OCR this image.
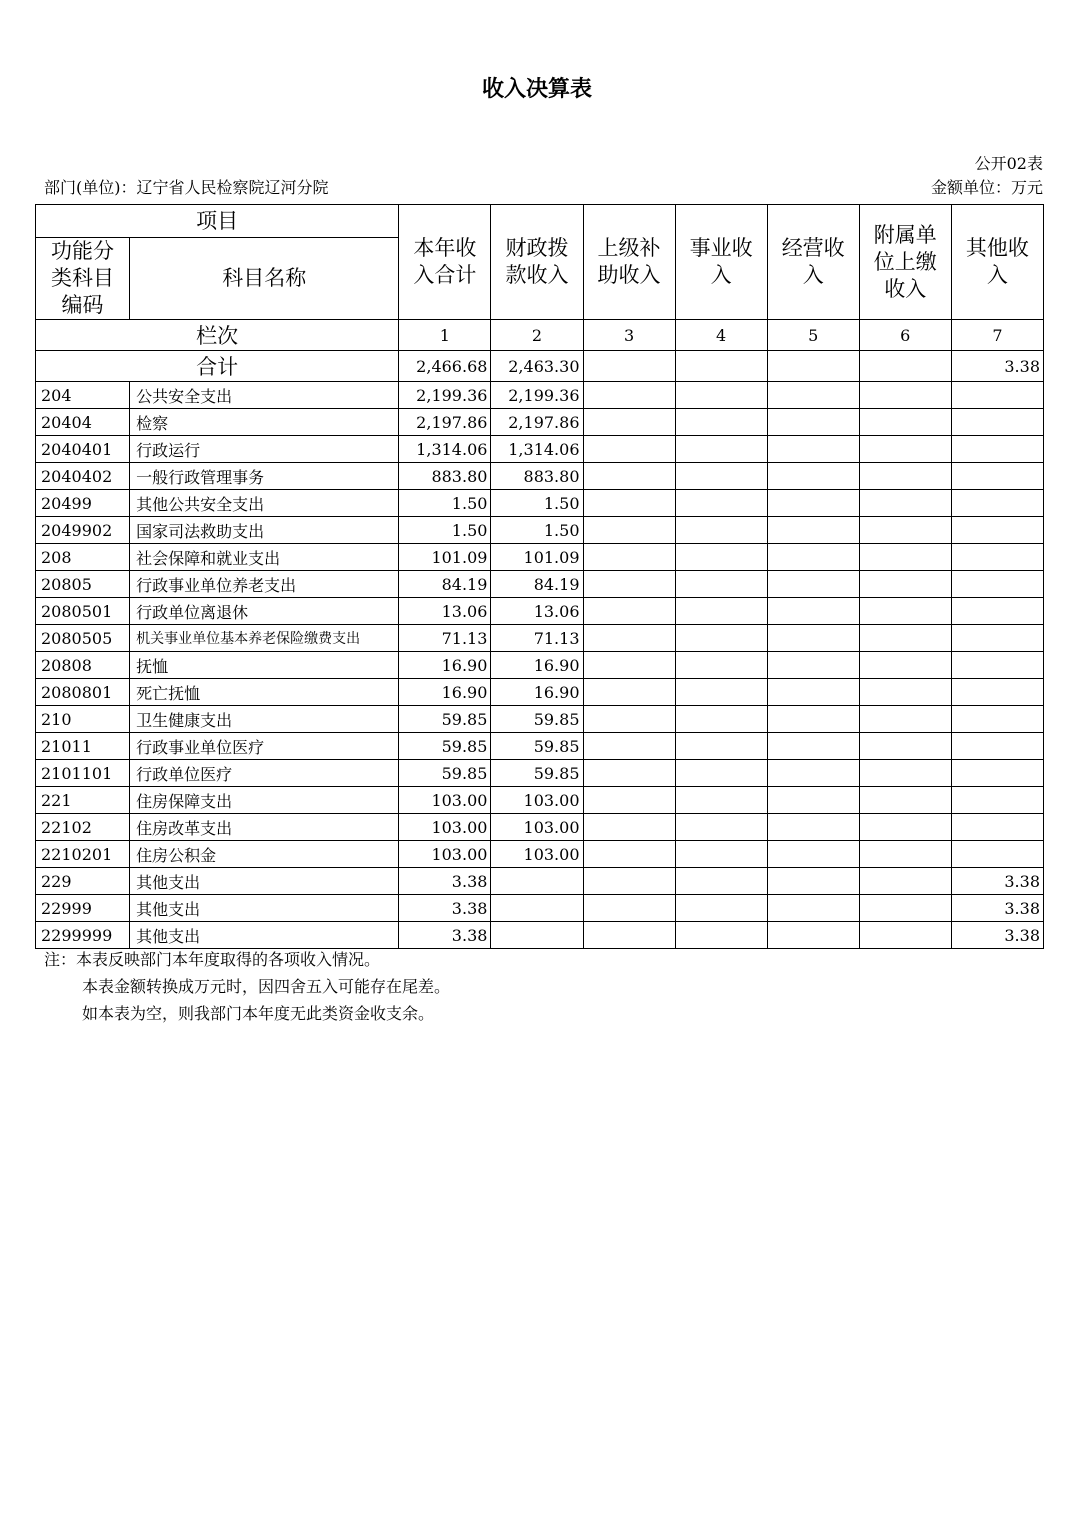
收入决算表
公开02表
部门(单位)：辽宁省人民检察院辽河分院	金额单位：万元
项目		本年收入合计	财政拨款收入	上级补助收入	事业收入	经营收入	附属单位上缴收入	其他收入
功能分类科目编码	科目名称							
栏次		1	2	3	4	5	6	7
合计		2,466.68	2,463.30					3.38
204	公共安全支出	2,199.36	2,199.36					
20404	检察	2,197.86	2,197.86					
2040401	行政运行	1,314.06	1,314.06					
2040402	一般行政管理事务	883.80	883.80					
20499	其他公共安全支出	1.50	1.50					
2049902	国家司法救助支出	1.50	1.50					
208	社会保障和就业支出	101.09	101.09					
20805	行政事业单位养老支出	84.19	84.19					
2080501	行政单位离退休	13.06	13.06					
2080505	机关事业单位基本养老保险缴费支出	71.13	71.13					
20808	抚恤	16.90	16.90					
2080801	死亡抚恤	16.90	16.90					
210	卫生健康支出	59.85	59.85					
21011	行政事业单位医疗	59.85	59.85					
2101101	行政单位医疗	59.85	59.85					
221	住房保障支出	103.00	103.00					
22102	住房改革支出	103.00	103.00					
2210201	住房公积金	103.00	103.00					
229	其他支出	3.38						3.38
22999	其他支出	3.38						3.38
2299999	其他支出	3.38						3.38
注：本表反映部门本年度取得的各项收入情况。
本表金额转换成万元时，因四舍五入可能存在尾差。
如本表为空，则我部门本年度无此类资金收支余。
